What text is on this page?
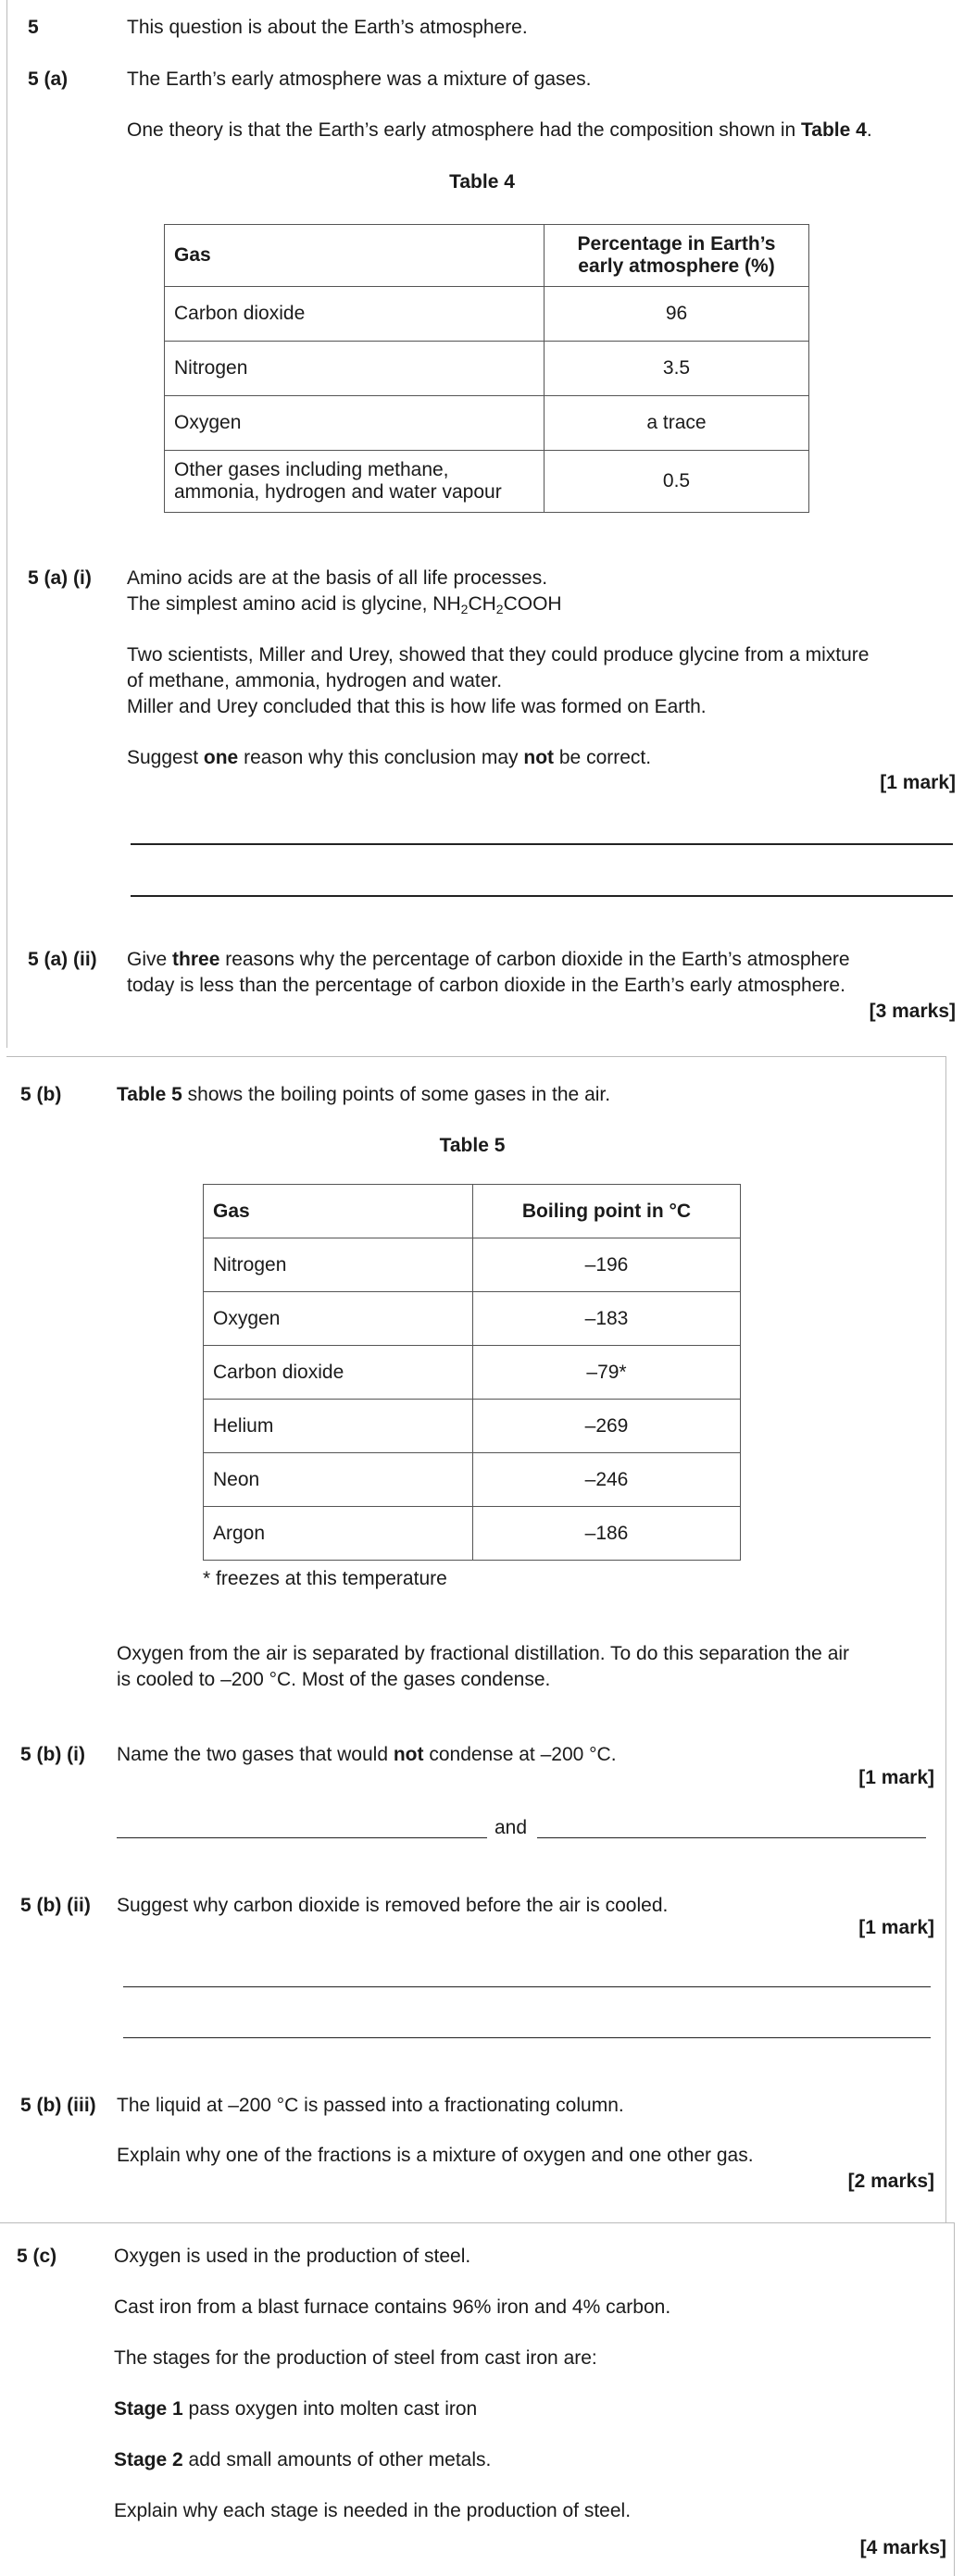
5	This question is about the Earth’s atmosphere.
5 (a)	The Earth’s early atmosphere was a mixture of gases.
One theory is that the Earth’s early atmosphere had the composition shown in Table 4.
Table 4
Gas	Percentage in Earth’s
early atmosphere (%)
Carbon dioxide	96
Nitrogen	3.5
Oxygen	a trace
Other gases including methane,
ammonia, hydrogen and water vapour	0.5
5 (a) (i) Amino acids are at the basis of all life processes.
The simplest amino acid is glycine, $NH_2CH_2COOH$
Two scientists, Miller and Urey, showed that they could produce glycine from a mixture
of methane, ammonia, hydrogen and water.
Miller and Urey concluded that this is how life was formed on Earth.
Suggest one reason why this conclusion may not be correct.
[1 mark]
5 (a) (ii) Give three reasons why the percentage of carbon dioxide in the Earth’s atmosphere
today is less than the percentage of carbon dioxide in the Earth’s early atmosphere.
[3 marks]
5 (b)	Table 5 shows the boiling points of some gases in the air.
Table 5
Gas	Boiling point in °C
Nitrogen	–196
Oxygen	–183
Carbon dioxide	–79*
Helium	–269
Neon	–246
Argon	–186
* freezes at this temperature
Oxygen from the air is separated by fractional distillation. To do this separation the air
is cooled to –200 °C. Most of the gases condense.
5 (b) (i) Name the two gases that would not condense at –200 °C.
[1 mark]
and
5 (b) (ii) Suggest why carbon dioxide is removed before the air is cooled.
[1 mark]
5 (b) (iii) The liquid at –200 °C is passed into a fractionating column.
Explain why one of the fractions is a mixture of oxygen and one other gas.
[2 marks]
5 (c)	Oxygen is used in the production of steel.
Cast iron from a blast furnace contains 96% iron and 4% carbon.
The stages for the production of steel from cast iron are:
Stage 1 pass oxygen into molten cast iron
Stage 2 add small amounts of other metals.
Explain why each stage is needed in the production of steel.
[4 marks]
